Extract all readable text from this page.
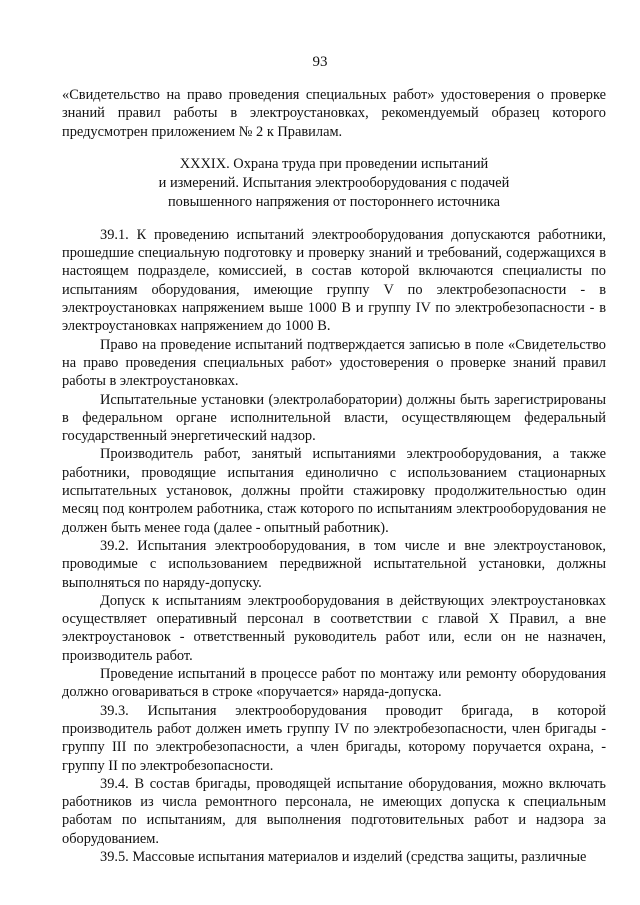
93

«Свидетельство на право проведения специальных работ» удостоверения о проверке знаний правил работы в электроустановках, рекомендуемый образец которого предусмотрен приложением № 2 к Правилам.

XXXIX. Охрана труда при проведении испытаний
и измерений. Испытания электрооборудования с подачей
повышенного напряжения от постороннего источника

39.1. К проведению испытаний электрооборудования допускаются работники, прошедшие специальную подготовку и проверку знаний и требований, содержащихся в настоящем подразделе, комиссией, в состав которой включаются специалисты по испытаниям оборудования, имеющие группу V по электробезопасности - в электроустановках напряжением выше 1000 В и группу IV по электробезопасности - в электроустановках напряжением до 1000 В.

Право на проведение испытаний подтверждается записью в поле «Свидетельство на право проведения специальных работ» удостоверения о проверке знаний правил работы в электроустановках.

Испытательные установки (электролаборатории) должны быть зарегистрированы в федеральном органе исполнительной власти, осуществляющем федеральный государственный энергетический надзор.

Производитель работ, занятый испытаниями электрооборудования, а также работники, проводящие испытания единолично с использованием стационарных испытательных установок, должны пройти стажировку продолжительностью один месяц под контролем работника, стаж которого по испытаниям электрооборудования не должен быть менее года (далее - опытный работник).

39.2. Испытания электрооборудования, в том числе и вне электроустановок, проводимые с использованием передвижной испытательной установки, должны выполняться по наряду-допуску.

Допуск к испытаниям электрооборудования в действующих электроустановках осуществляет оперативный персонал в соответствии с главой X Правил, а вне электроустановок - ответственный руководитель работ или, если он не назначен, производитель работ.

Проведение испытаний в процессе работ по монтажу или ремонту оборудования должно оговариваться в строке «поручается» наряда-допуска.

39.3. Испытания электрооборудования проводит бригада, в которой производитель работ должен иметь группу IV по электробезопасности, член бригады - группу III по электробезопасности, а член бригады, которому поручается охрана, - группу II по электробезопасности.

39.4. В состав бригады, проводящей испытание оборудования, можно включать работников из числа ремонтного персонала, не имеющих допуска к специальным работам по испытаниям, для выполнения подготовительных работ и надзора за оборудованием.

39.5. Массовые испытания материалов и изделий (средства защиты, различные
